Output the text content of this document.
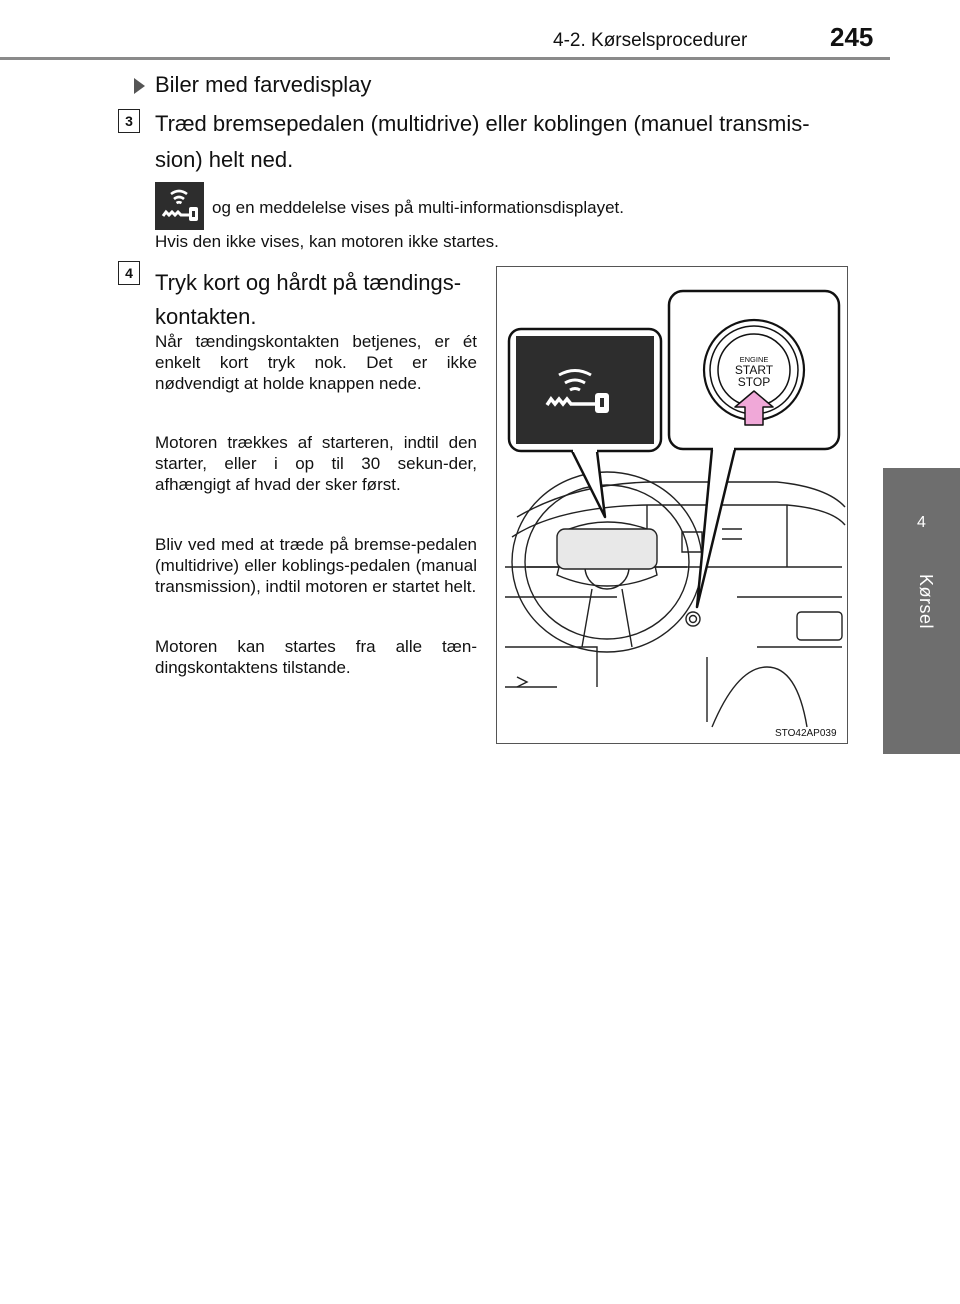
4-2. Kørselsprocedurer	245
4
Kørsel
Biler med farvedisplay
3	Træd bremsepedalen (multidrive) eller koblingen (manuel transmis-sion) helt ned.
og en meddelelse vises på multi-informationsdisplayet.
Hvis den ikke vises, kan motoren ikke startes.
4	Tryk kort og hårdt på tændings-kontakten.
Når tændingskontakten betjenes, er ét enkelt kort tryk nok. Det er ikke nødvendigt at holde knappen nede.
Motoren trækkes af starteren, indtil den starter, eller i op til 30 sekun-der, afhængigt af hvad der sker først.
Bliv ved med at træde på bremse-pedalen (multidrive) eller koblings-pedalen (manual transmission), indtil motoren er startet helt.
Motoren kan startes fra alle tæn-dingskontaktens tilstande.
ENGINE
START
STOP
STO42AP039
